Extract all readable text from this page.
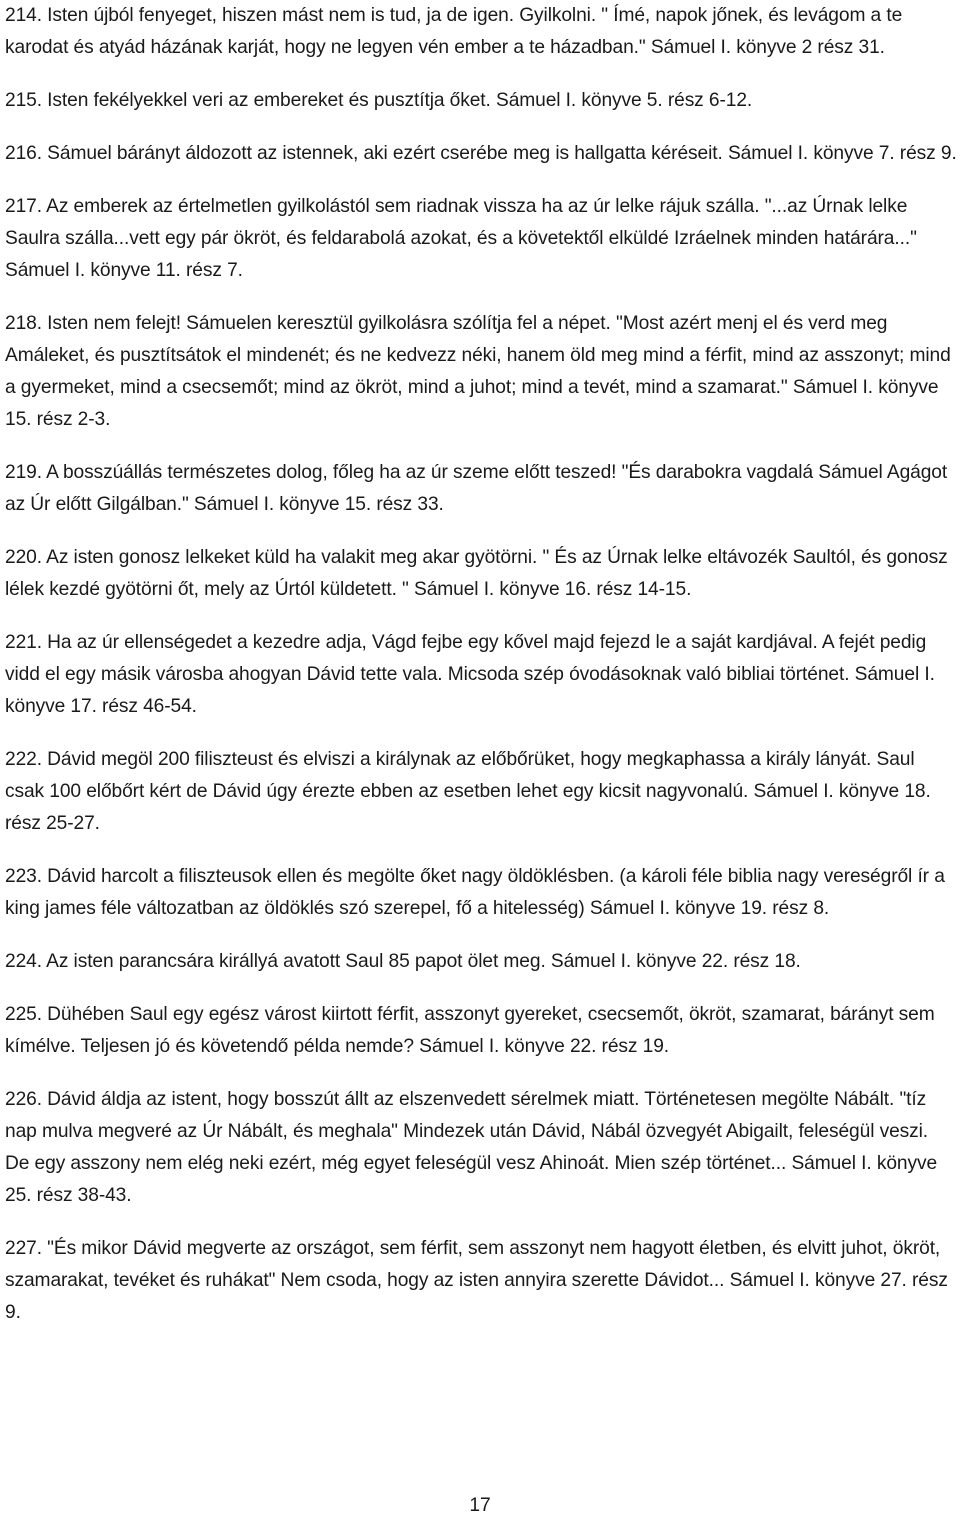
214. Isten újból fenyeget, hiszen mást nem is tud, ja de igen. Gyilkolni. " Ímé, napok jőnek, és levágom a te karodat és atyád házának karját, hogy ne legyen vén ember a te házadban." Sámuel I. könyve 2 rész 31.

215. Isten fekélyekkel veri az embereket és pusztítja őket. Sámuel I. könyve 5. rész 6-12.

216. Sámuel bárányt áldozott az istennek, aki ezért cserébe meg is hallgatta kéréseit. Sámuel I. könyve 7. rész 9.

217. Az emberek az értelmetlen gyilkolástól sem riadnak vissza ha az úr lelke rájuk szálla. "...az Úrnak lelke Saulra szálla...vett egy pár ökröt, és feldarabolá azokat, és a követektől elküldé Izráelnek minden határára..." Sámuel I. könyve 11. rész 7.

218. Isten nem felejt! Sámuelen keresztül gyilkolásra szólítja fel a népet. "Most azért menj el és verd meg Amáleket, és pusztítsátok el mindenét; és ne kedvezz néki, hanem öld meg mind a férfit, mind az asszonyt; mind a gyermeket, mind a csecsemőt; mind az ökröt, mind a juhot; mind a tevét, mind a szamarat." Sámuel I. könyve 15. rész 2-3.

219. A bosszúállás természetes dolog, főleg ha az úr szeme előtt teszed! "És darabokra vagdalá Sámuel Agágot az Úr előtt Gilgálban." Sámuel I. könyve 15. rész 33.

220. Az isten gonosz lelkeket küld ha valakit meg akar gyötörni. " És az Úrnak lelke eltávozék Saultól, és gonosz lélek kezdé gyötörni őt, mely az Úrtól küldetett. " Sámuel I. könyve 16. rész 14-15.

221. Ha az úr ellenségedet a kezedre adja, Vágd fejbe egy kővel majd fejezd le a saját kardjával. A fejét pedig vidd el egy másik városba ahogyan Dávid tette vala. Micsoda szép óvodásoknak való bibliai történet. Sámuel I. könyve 17. rész 46-54.

222. Dávid megöl 200 filiszteust és elviszi a királynak az előbőrüket, hogy megkaphassa a király lányát. Saul csak 100 előbőrt kért de Dávid úgy érezte ebben az esetben lehet egy kicsit nagyvonalú. Sámuel I. könyve 18. rész 25-27.

223. Dávid harcolt a filiszteusok ellen és megölte őket nagy öldöklésben. (a károli féle biblia nagy vereségről ír a king james féle változatban az öldöklés szó szerepel, fő a hitelesség) Sámuel I. könyve 19. rész 8.

224. Az isten parancsára királlyá avatott Saul 85 papot ölet meg. Sámuel I. könyve 22. rész 18.

225. Dühében Saul egy egész várost kiirtott férfit, asszonyt gyereket, csecsemőt, ökröt, szamarat, bárányt sem kímélve. Teljesen jó és követendő példa nemde? Sámuel I. könyve 22. rész 19.

226. Dávid áldja az istent, hogy bosszút állt az elszenvedett sérelmek miatt. Történetesen megölte Nábált. "tíz nap mulva megveré az Úr Nábált, és meghala" Mindezek után Dávid, Nábál özvegyét Abigailt, feleségül veszi. De egy asszony nem elég neki ezért, még egyet feleségül vesz Ahinoát. Mien szép történet... Sámuel I. könyve 25. rész 38-43.

227. "És mikor Dávid megverte az országot, sem férfit, sem asszonyt nem hagyott életben, és elvitt juhot, ökröt, szamarakat, tevéket és ruhákat" Nem csoda, hogy az isten annyira szerette Dávidot... Sámuel I. könyve 27. rész 9.

17
